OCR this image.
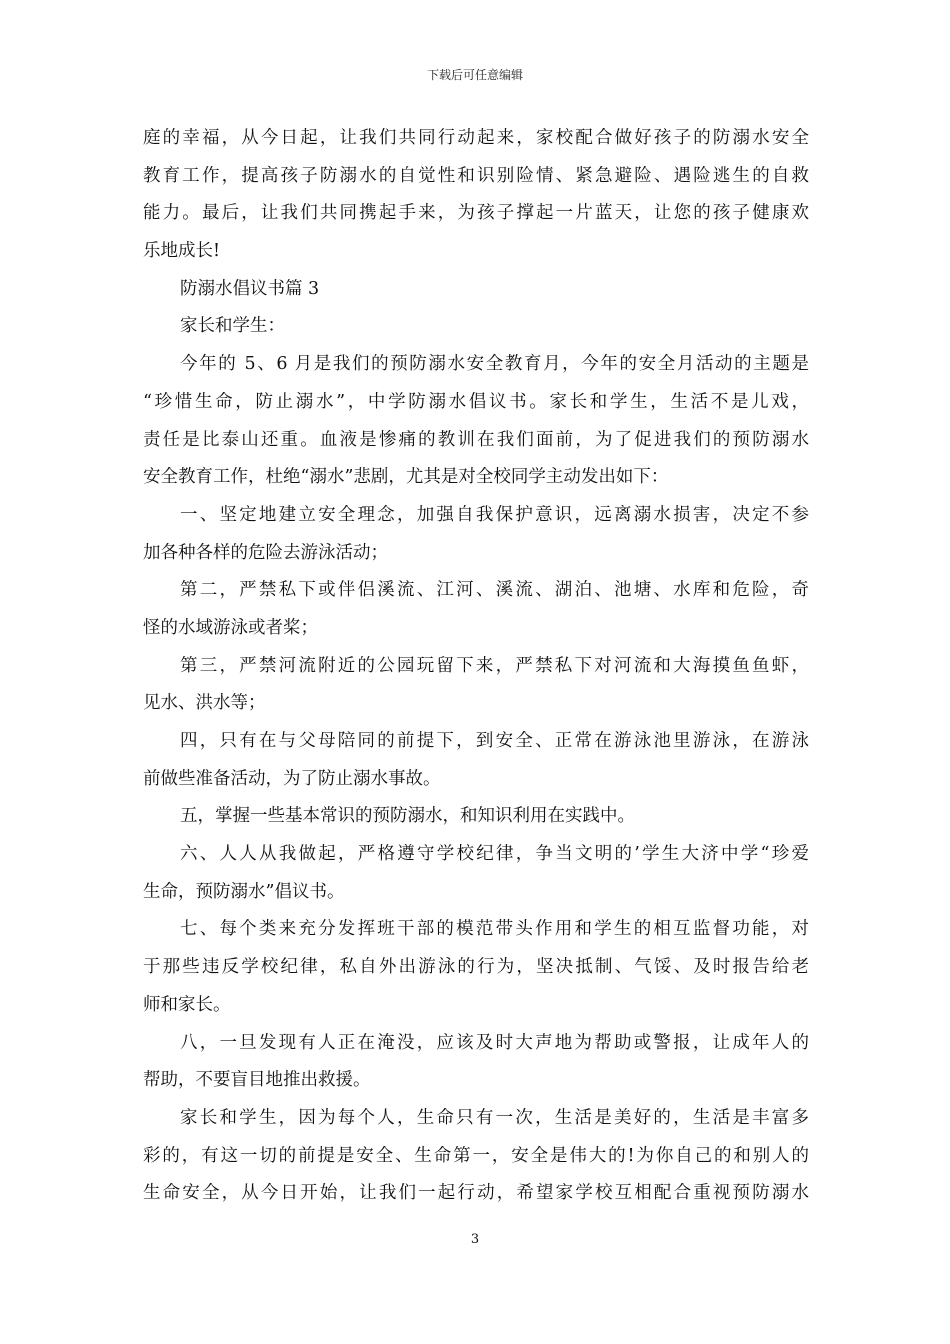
下载后可任意编辑
庭的幸福，从今日起，让我们共同行动起来，家校配合做好孩子的防溺水安全
教育工作，提高孩子防溺水的自觉性和识别险情、紧急避险、遇险逃生的自救
能力。最后，让我们共同携起手来，为孩子撑起一片蓝天，让您的孩子健康欢
乐地成长!
防溺水倡议书篇 3
家长和学生：
今年的 5、6 月是我们的预防溺水安全教育月，今年的安全月活动的主题是
“珍惜生命，防止溺水”，中学防溺水倡议书。家长和学生，生活不是儿戏，
责任是比泰山还重。血液是惨痛的教训在我们面前，为了促进我们的预防溺水
安全教育工作，杜绝“溺水”悲剧，尤其是对全校同学主动发出如下：
一、坚定地建立安全理念，加强自我保护意识，远离溺水损害，决定不参
加各种各样的危险去游泳活动；
第二，严禁私下或伴侣溪流、江河、溪流、湖泊、池塘、水库和危险，奇
怪的水域游泳或者桨；
第三，严禁河流附近的公园玩留下来，严禁私下对河流和大海摸鱼鱼虾，
见水、洪水等；
四，只有在与父母陪同的前提下，到安全、正常在游泳池里游泳，在游泳
前做些准备活动，为了防止溺水事故。
五，掌握一些基本常识的预防溺水，和知识利用在实践中。
六、人人从我做起，严格遵守学校纪律，争当文明的’学生大济中学“珍爱
生命，预防溺水”倡议书。
七、每个类来充分发挥班干部的模范带头作用和学生的相互监督功能，对
于那些违反学校纪律，私自外出游泳的行为，坚决抵制、气馁、及时报告给老
师和家长。
八，一旦发现有人正在淹没，应该及时大声地为帮助或警报，让成年人的
帮助，不要盲目地推出救援。
家长和学生，因为每个人，生命只有一次，生活是美好的，生活是丰富多
彩的，有这一切的前提是安全、生命第一，安全是伟大的!为你自己的和别人的
生命安全，从今日开始，让我们一起行动，希望家学校互相配合重视预防溺水
3
